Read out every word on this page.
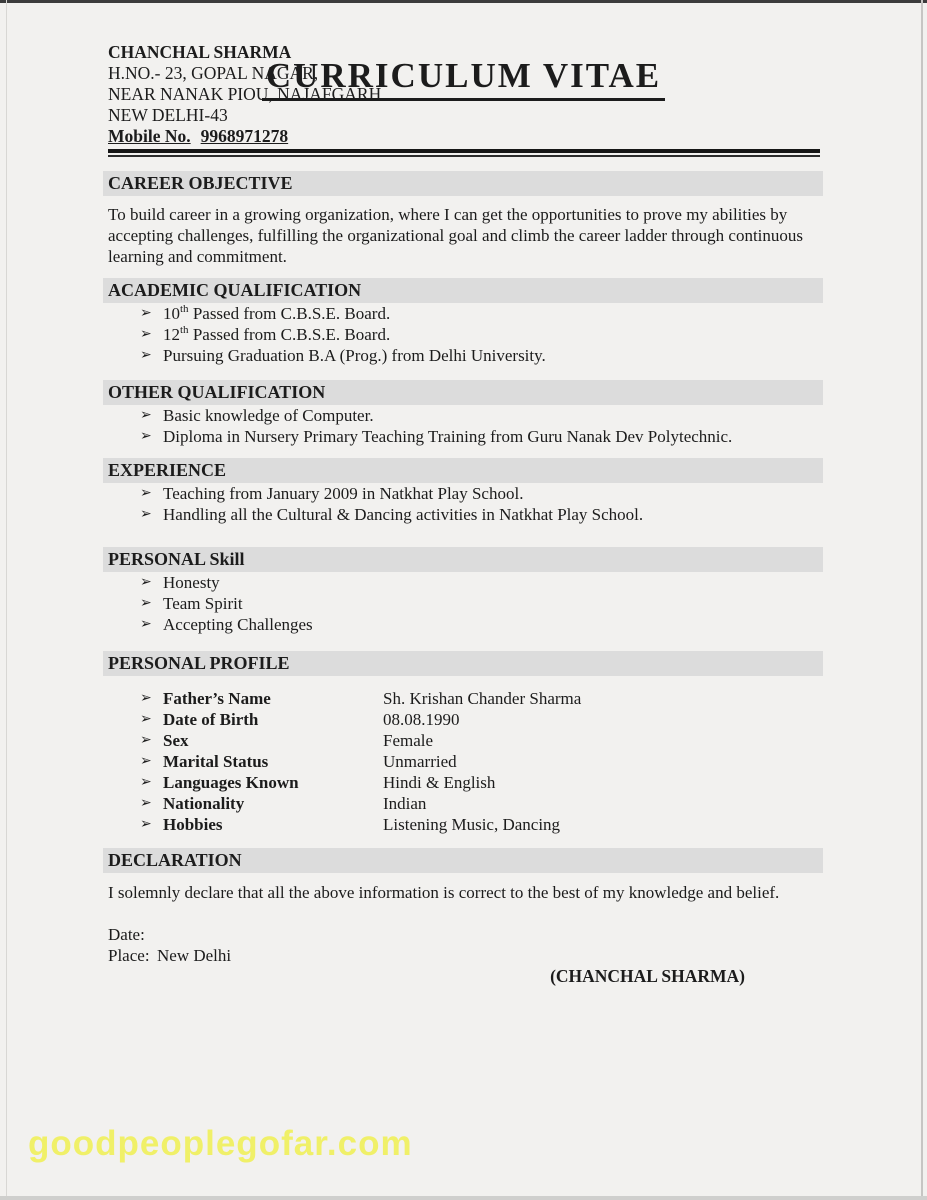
CURRICULUM VITAE
CHANCHAL SHARMA
H.NO.- 23, GOPAL NAGAR,
NEAR NANAK PIOU, NAJAFGARH
NEW DELHI-43
Mobile No. 9968971278
CAREER OBJECTIVE

To build career in a growing organization, where I can get the opportunities to prove my abilities by accepting challenges, fulfilling the organizational goal and climb the career ladder through continuous learning and commitment.

ACADEMIC QUALIFICATION
➢ 10th Passed from C.B.S.E. Board.
➢ 12th Passed from C.B.S.E. Board.
➢ Pursuing Graduation B.A (Prog.) from Delhi University.
OTHER QUALIFICATION
➢ Basic knowledge of Computer.
➢ Diploma in Nursery Primary Teaching Training from Guru Nanak Dev Polytechnic.
EXPERIENCE
➢ Teaching from January 2009 in Natkhat Play School.
➢ Handling all the Cultural & Dancing activities in Natkhat Play School.
PERSONAL Skill
➢ Honesty
➢ Team Spirit
➢ Accepting Challenges
PERSONAL PROFILE
➢ Father’s Name	Sh. Krishan Chander Sharma
➢ Date of Birth	08.08.1990
➢ Sex	Female
➢ Marital Status	Unmarried
➢ Languages Known	Hindi & English
➢ Nationality	Indian
➢ Hobbies	Listening Music, Dancing
DECLARATION

I solemnly declare that all the above information is correct to the best of my knowledge and belief.

Date:
Place: New Delhi
(CHANCHAL SHARMA)
goodpeoplegofar.com
